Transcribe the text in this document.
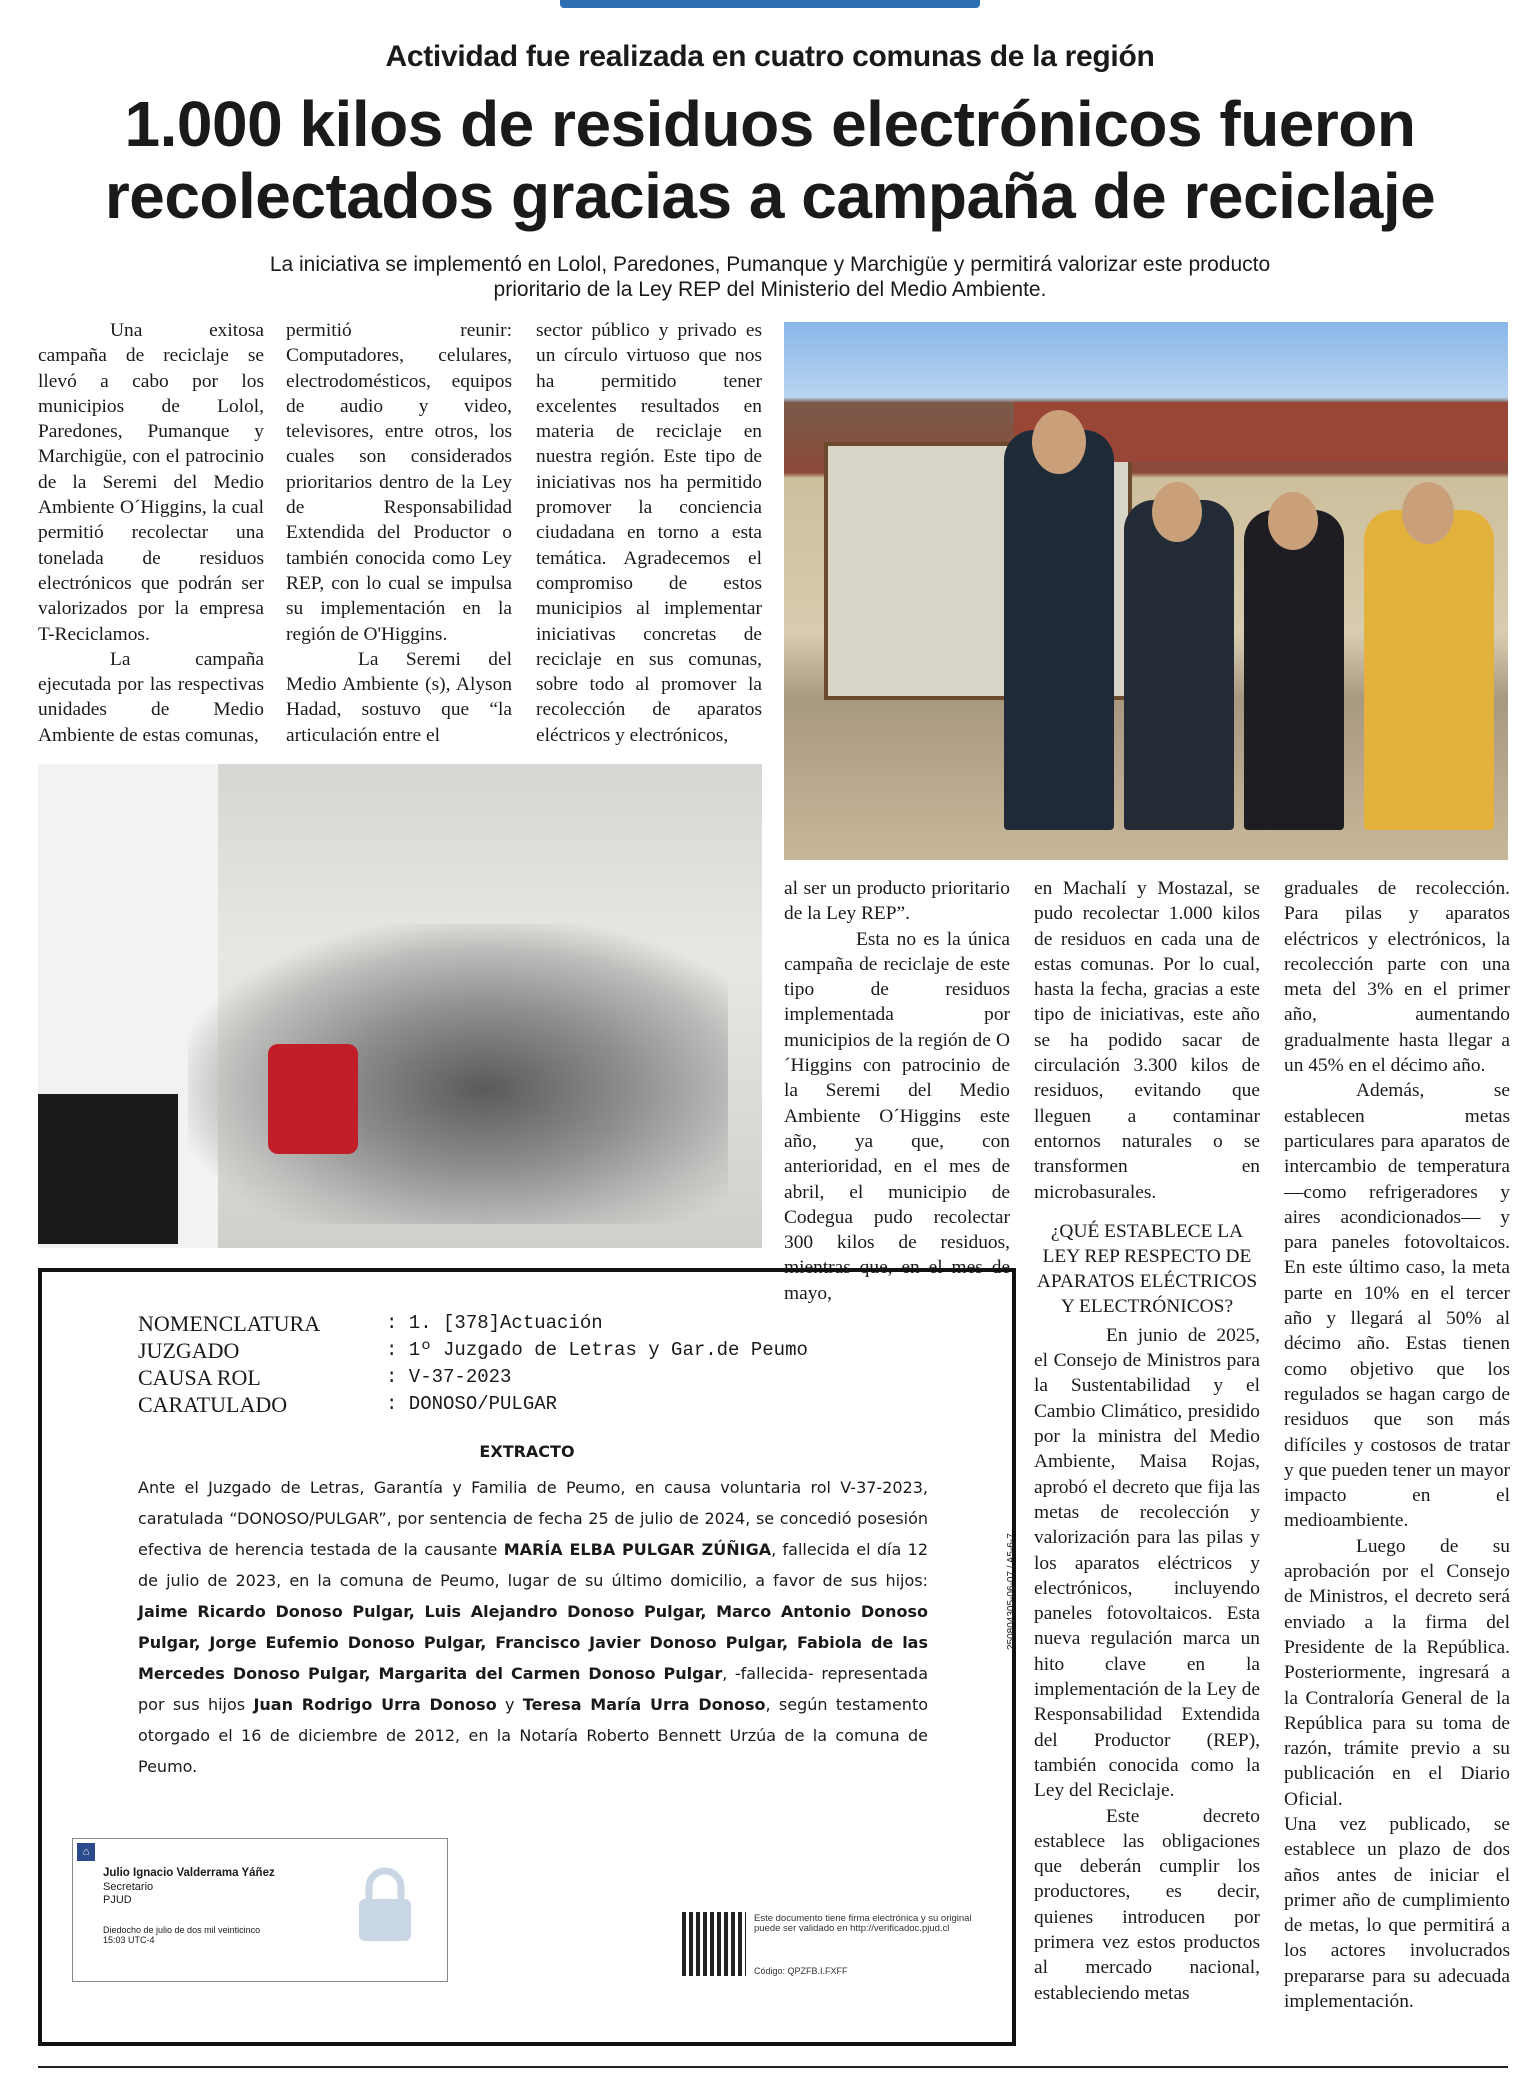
Actividad fue realizada en cuatro comunas de la región
1.000 kilos de residuos electrónicos fueron recolectados gracias a campaña de reciclaje
La iniciativa se implementó en Lolol, Paredones, Pumanque y Marchigüe y permitirá valorizar este producto prioritario de la Ley REP del Ministerio del Medio Ambiente.

Una exitosa campaña de reciclaje se llevó a cabo por los municipios de Lolol, Paredones, Pumanque y Marchigüe, con el patrocinio de la Seremi del Medio Ambiente O´Higgins, la cual permitió recolectar una tonelada de residuos electrónicos que podrán ser valorizados por la empresa T-Reciclamos.

La campaña ejecutada por las respectivas unidades de Medio Ambiente de estas comunas,

permitió reunir: Computadores, celulares, electrodomésticos, equipos de audio y video, televisores, entre otros, los cuales son considerados prioritarios dentro de la Ley de Responsabilidad Extendida del Productor o también conocida como Ley REP, con lo cual se impulsa su implementación en la región de O'Higgins.

La Seremi del Medio Ambiente (s), Alyson Hadad, sostuvo que “la articulación entre el

sector público y privado es un círculo virtuoso que nos ha permitido tener excelentes resultados en materia de reciclaje en nuestra región. Este tipo de iniciativas nos ha permitido promover la conciencia ciudadana en torno a esta temática. Agradecemos el compromiso de estos municipios al implementar iniciativas concretas de reciclaje en sus comunas, sobre todo al promover la recolección de aparatos eléctricos y electrónicos,

al ser un producto prioritario de la Ley REP”.

Esta no es la única campaña de reciclaje de este tipo de residuos implementada por municipios de la región de O´Higgins con patrocinio de la Seremi del Medio Ambiente O´Higgins este año, ya que, con anterioridad, en el mes de abril, el municipio de Codegua pudo recolectar 300 kilos de residuos, mientras que, en el mes de mayo,

en Machalí y Mostazal, se pudo recolectar 1.000 kilos de residuos en cada una de estas comunas. Por lo cual, hasta la fecha, gracias a este tipo de iniciativas, este año se ha podido sacar de circulación 3.300 kilos de residuos, evitando que lleguen a contaminar entornos naturales o se transformen en microbasurales.

¿QUÉ ESTABLECE LA LEY REP RESPECTO DE APARATOS ELÉCTRICOS Y ELECTRÓNICOS?

En junio de 2025, el Consejo de Ministros para la Sustentabilidad y el Cambio Climático, presidido por la ministra del Medio Ambiente, Maisa Rojas, aprobó el decreto que fija las metas de recolección y valorización para las pilas y los aparatos eléctricos y electrónicos, incluyendo paneles fotovoltaicos. Esta nueva regulación marca un hito clave en la implementación de la Ley de Responsabilidad Extendida del Productor (REP), también conocida como la Ley del Reciclaje.

Este decreto establece las obligaciones que deberán cumplir los productores, es decir, quienes introducen por primera vez estos productos al mercado nacional, estableciendo metas

graduales de recolección. Para pilas y aparatos eléctricos y electrónicos, la recolección parte con una meta del 3% en el primer año, aumentando gradualmente hasta llegar a un 45% en el décimo año.

Además, se establecen metas particulares para aparatos de intercambio de temperatura —como refrigeradores y aires acondicionados— y para paneles fotovoltaicos. En este último caso, la meta parte en 10% en el tercer año y llegará al 50% al décimo año. Estas tienen como objetivo que los regulados se hagan cargo de residuos que son más difíciles y costosos de tratar y que pueden tener un mayor impacto en el medioambiente.

Luego de su aprobación por el Consejo de Ministros, el decreto será enviado a la firma del Presidente de la República. Posteriormente, ingresará a la Contraloría General de la República para su toma de razón, trámite previo a su publicación en el Diario Oficial.

Una vez publicado, se establece un plazo de dos años antes de iniciar el primer año de cumplimiento de metas, lo que permitirá a los actores involucrados prepararse para su adecuada implementación.

NOMENCLATURA	: 1. [378]Actuación
JUZGADO	: 1º Juzgado de Letras y Gar.de Peumo
CAUSA ROL	: V-37-2023
CARATULADO	: DONOSO/PULGAR
EXTRACTO
Ante el Juzgado de Letras, Garantía y Familia de Peumo, en causa voluntaria rol V-37-2023, caratulada “DONOSO/PULGAR”, por sentencia de fecha 25 de julio de 2024, se concedió posesión efectiva de herencia testada de la causante MARÍA ELBA PULGAR ZÚÑIGA, fallecida el día 12 de julio de 2023, en la comuna de Peumo, lugar de su último domicilio, a favor de sus hijos: Jaime Ricardo Donoso Pulgar, Luis Alejandro Donoso Pulgar, Marco Antonio Donoso Pulgar, Jorge Eufemio Donoso Pulgar, Francisco Javier Donoso Pulgar, Fabiola de las Mercedes Donoso Pulgar, Margarita del Carmen Donoso Pulgar, -fallecida- representada por sus hijos Juan Rodrigo Urra Donoso y Teresa María Urra Donoso, según testamento otorgado el 16 de diciembre de 2012, en la Notaría Roberto Bennett Urzúa de la comuna de Peumo.
⌂
Julio Ignacio Valderrama Yáñez
Secretario
PJUD
Diedocho de julio de dos mil veinticinco
15:03 UTC-4
Este documento tiene firma electrónica y su original puede ser validado en http://verificadoc.pjud.cl
Código: QPZFB.I.FXFF
250804305-06-07 / A5-6-7
